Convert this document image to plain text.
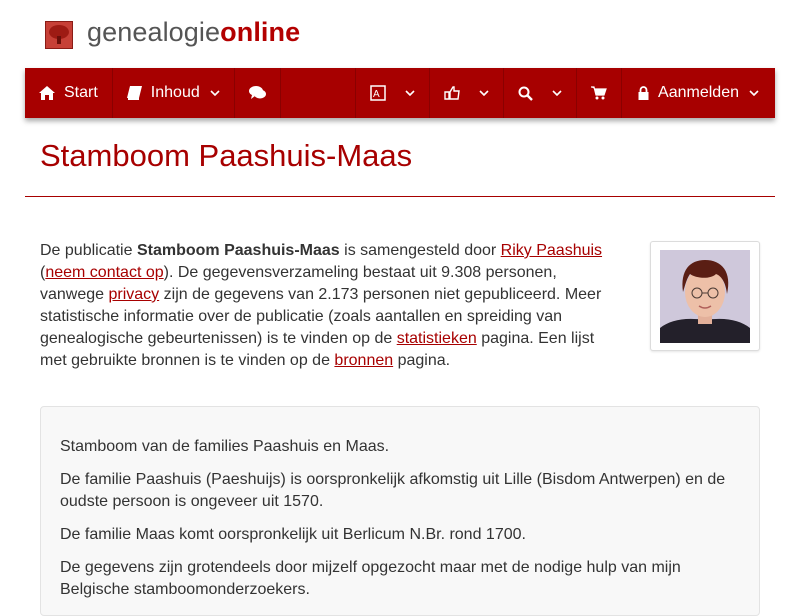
genealogieonline
Start	Inhoud	A	Aanmelden
Stamboom Paashuis-Maas
De publicatie Stamboom Paashuis-Maas is samengesteld door Riky Paashuis
(neem contact op). De gegevensverzameling bestaat uit 9.308 personen, vanwege privacy zijn de gegevens van 2.173 personen niet gepubliceerd. Meer statistische informatie over de publicatie (zoals aantallen en spreiding van genealogische gebeurtenissen) is te vinden op de statistieken pagina. Een lijst met gebruikte bronnen is te vinden op de bronnen pagina.

Stamboom van de families Paashuis en Maas.

De familie Paashuis (Paeshuijs) is oorspronkelijk afkomstig uit Lille (Bisdom Antwerpen) en de oudste persoon is ongeveer uit 1570.

De familie Maas komt oorspronkelijk uit Berlicum N.Br. rond 1700.

De gegevens zijn grotendeels door mijzelf opgezocht maar met de nodige hulp van mijn Belgische stamboomonderzoekers.
